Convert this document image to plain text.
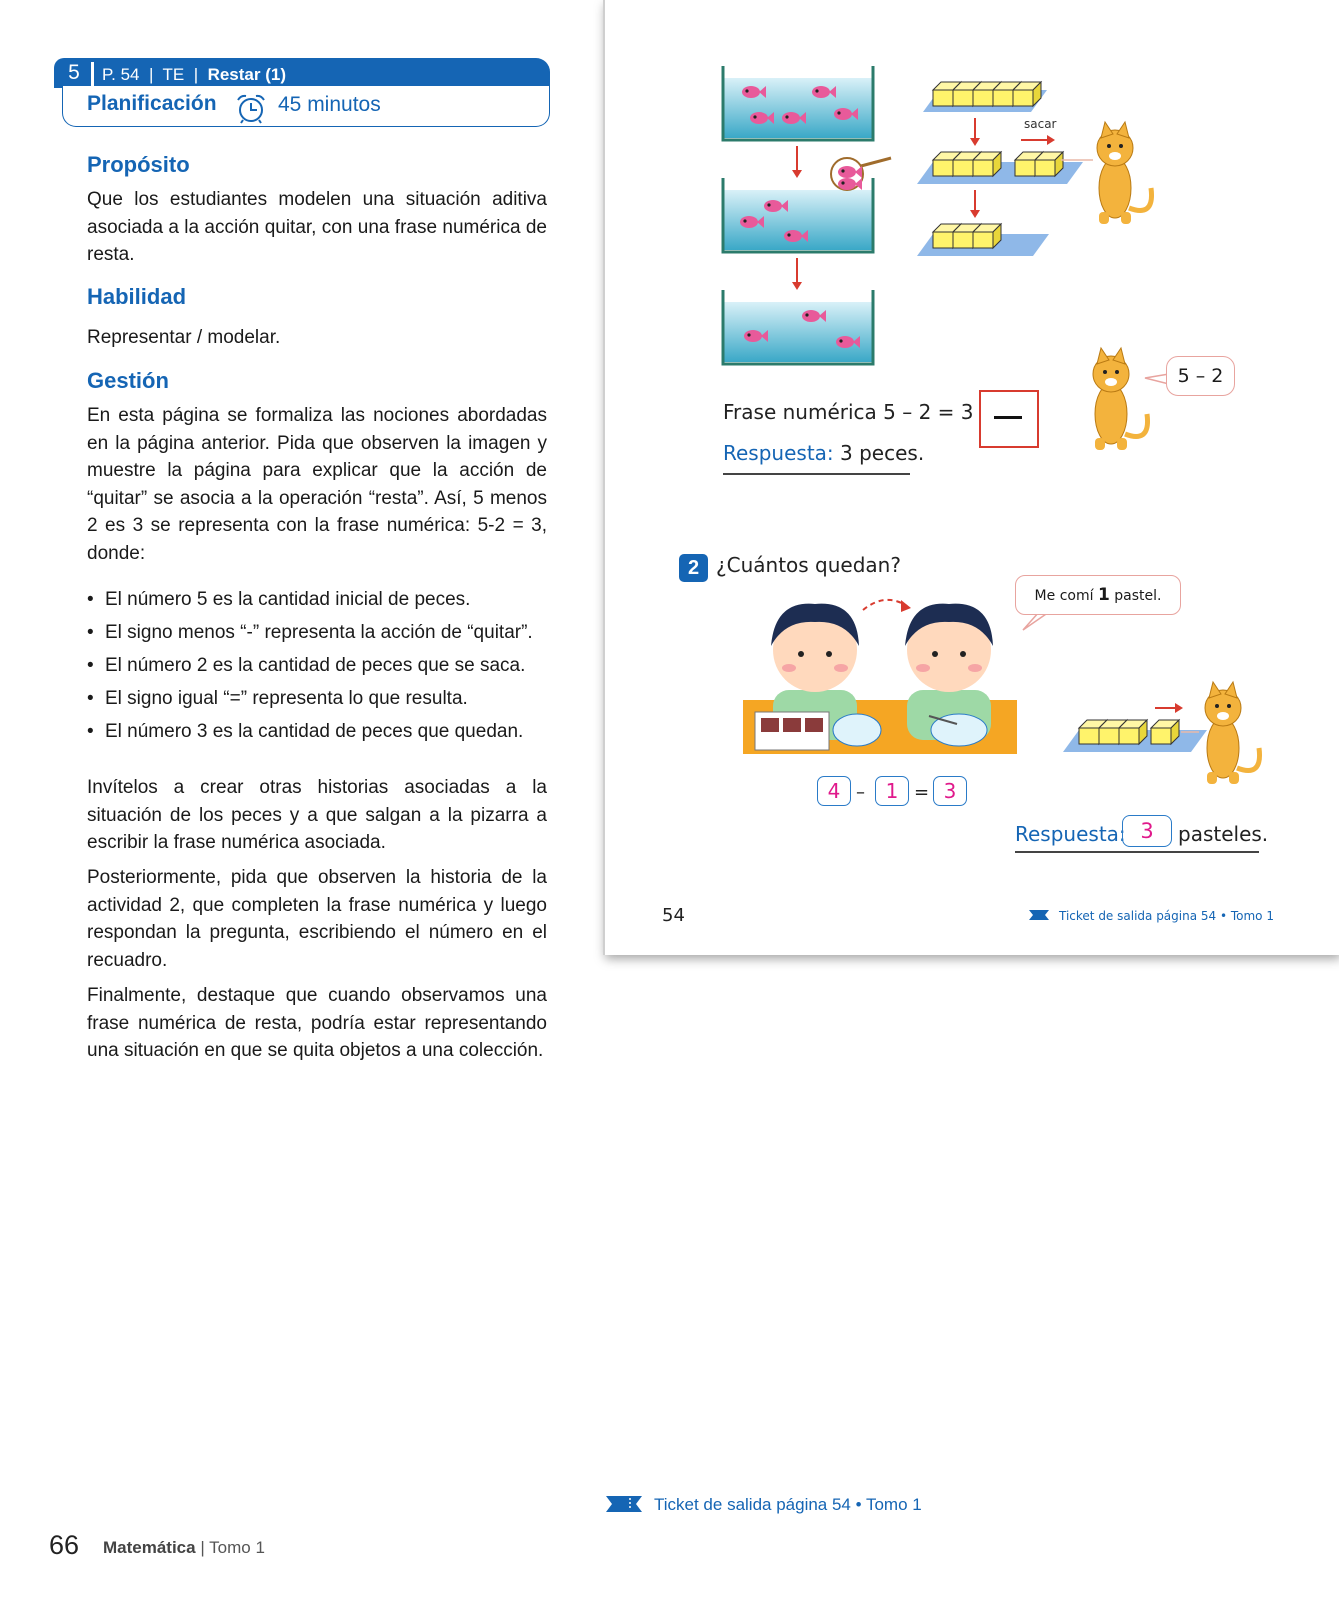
5	P. 54  |  TE  |  Restar (1)
Planificación	45 minutos
Propósito
Que los estudiantes modelen una situación aditiva asociada a la acción quitar, con una frase numérica de resta.
Habilidad
Representar / modelar.
Gestión
En esta página se formaliza las nociones abordadas en la página anterior. Pida que observen la imagen y muestre la página para explicar que la acción de “quitar” se asocia a la operación “resta”. Así, 5 menos 2 es 3 se representa con la frase numérica: 5-2 = 3, donde:
• El número 5 es la cantidad inicial de peces.
• El signo menos “-” representa la acción de “quitar”.
• El número 2 es la cantidad de peces que se saca.
• El signo igual “=” representa lo que resulta.
• El número 3 es la cantidad de peces que quedan.
Invítelos a crear otras historias asociadas a la situación de los peces y a que salgan a la pizarra a escribir la frase numérica asociada.
Posteriormente, pida que observen la historia de la actividad 2, que completen la frase numérica y luego respondan la pregunta, escribiendo el número en el recuadro.
Finalmente, destaque que cuando observamos una frase numérica de resta, podría estar representando una situación en que se quita objetos a una colección.
sacar
5 – 2
Frase numérica 5 – 2 = 3
Respuesta: 3 peces.
2 ¿Cuántos quedan?
Me comí 1 pastel.
4 –	1 = 3
Respuesta: 3	pasteles.
54	Ticket de salida página 54 • Tomo 1
Ticket de salida página 54 • Tomo 1
66 Matemática | Tomo 1
